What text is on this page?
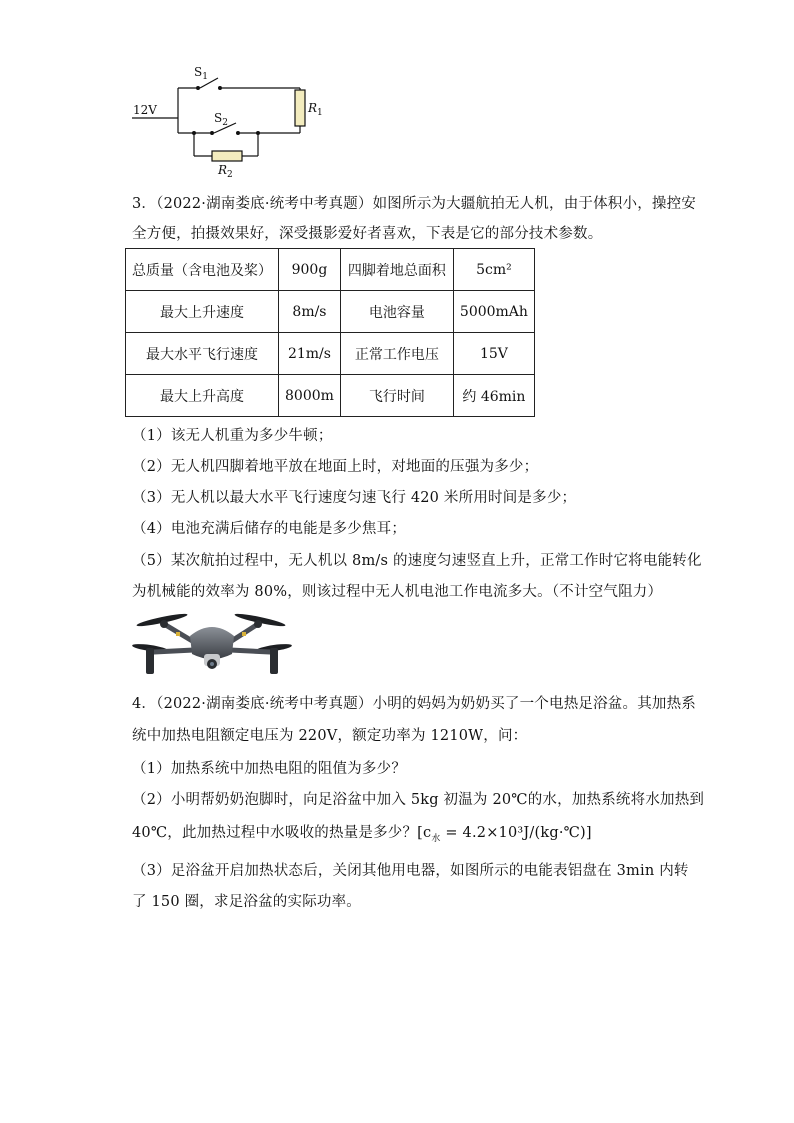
12V
$S_1$
$S_2$
$R_1$
$R_2$
3．（2022·湖南娄底·统考中考真题）如图所示为大疆航拍无人机，由于体积小，操控安
全方便，拍摄效果好，深受摄影爱好者喜欢，下表是它的部分技术参数。
总质量（含电池及桨）	900g	四脚着地总面积	5cm²
最大上升速度	8m/s	电池容量	5000mAh
最大水平飞行速度	21m/s	正常工作电压	15V
最大上升高度	8000m	飞行时间	约 46min
（1）该无人机重为多少牛顿；
（2）无人机四脚着地平放在地面上时，对地面的压强为多少；
（3）无人机以最大水平飞行速度匀速飞行 420 米所用时间是多少；
（4）电池充满后储存的电能是多少焦耳；
（5）某次航拍过程中，无人机以 8m/s 的速度匀速竖直上升，正常工作时它将电能转化
为机械能的效率为 80%，则该过程中无人机电池工作电流多大。（不计空气阻力）
4．（2022·湖南娄底·统考中考真题）小明的妈妈为奶奶买了一个电热足浴盆。其加热系
统中加热电阻额定电压为 220V，额定功率为 1210W，问：
（1）加热系统中加热电阻的阻值为多少？
（2）小明帮奶奶泡脚时，向足浴盆中加入 5kg 初温为 20℃的水，加热系统将水加热到
40℃，此加热过程中水吸收的热量是多少？[$c_水$ = 4.2×10³J/(kg·℃)]
（3）足浴盆开启加热状态后，关闭其他用电器，如图所示的电能表铝盘在 3min 内转
了 150 圈，求足浴盆的实际功率。
